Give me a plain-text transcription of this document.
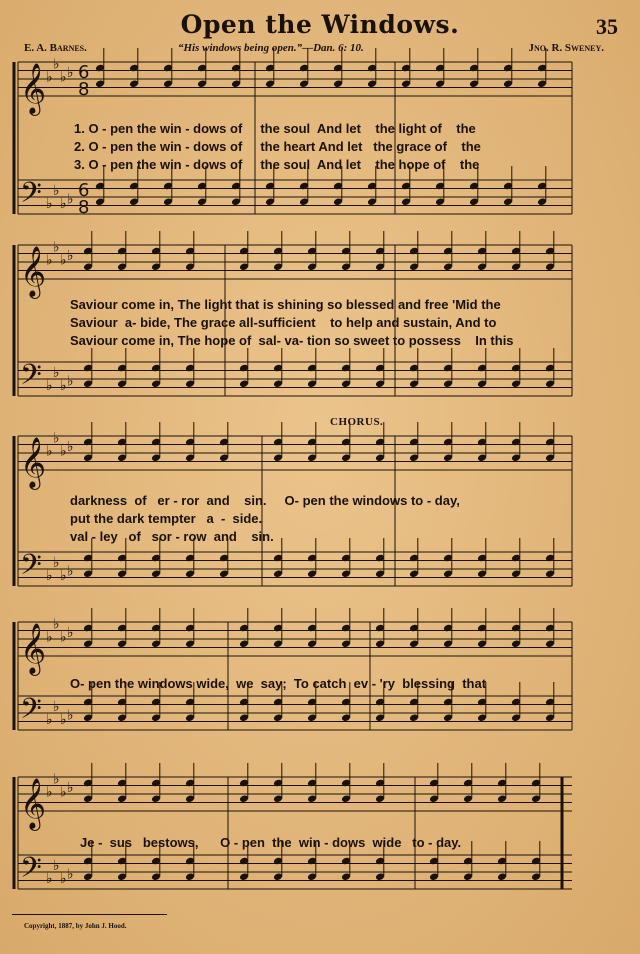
Open the Windows.	35
E. A. Barnes.	“His windows being open.”—Dan. 6: 10.	Jno. R. Sweney.
𝄞
𝄢
♭
♭
♭
♭
♭
♭
♭
♭
6
8
6
8
𝄞
𝄢
♭
♭
♭
♭
♭
♭
♭
♭
𝄞
𝄢
♭
♭
♭
♭
♭
♭
♭
♭
𝄞
𝄢
♭
♭
♭
♭
♭
♭
♭
♭
𝄞
𝄢
♭
♭
♭
♭
♭
♭
♭
♭
CHORUS.
1. O - pen the win - dows of     the soul  And let    the light of    the
2. O - pen the win - dows of     the heart And let   the grace of    the
3. O - pen the win - dows of     the soul  And let    the hope of    the
Saviour come in, The light that is shining so blessed and free 'Mid the
Saviour  a- bide, The grace all-sufficient    to help and sustain, And to
Saviour come in, The hope of  sal- va- tion so sweet to possess    In this
darkness  of   er - ror  and    sin.     O- pen the windows to - day,
put the dark tempter   a  -  side.
val - ley   of   sor - row  and    sin.
O- pen the windows wide,  we  say;  To catch  ev - 'ry  blessing  that
Je -  sus   bestows,      O - pen  the  win - dows  wide   to - day.
Copyright, 1887, by John J. Hood.
